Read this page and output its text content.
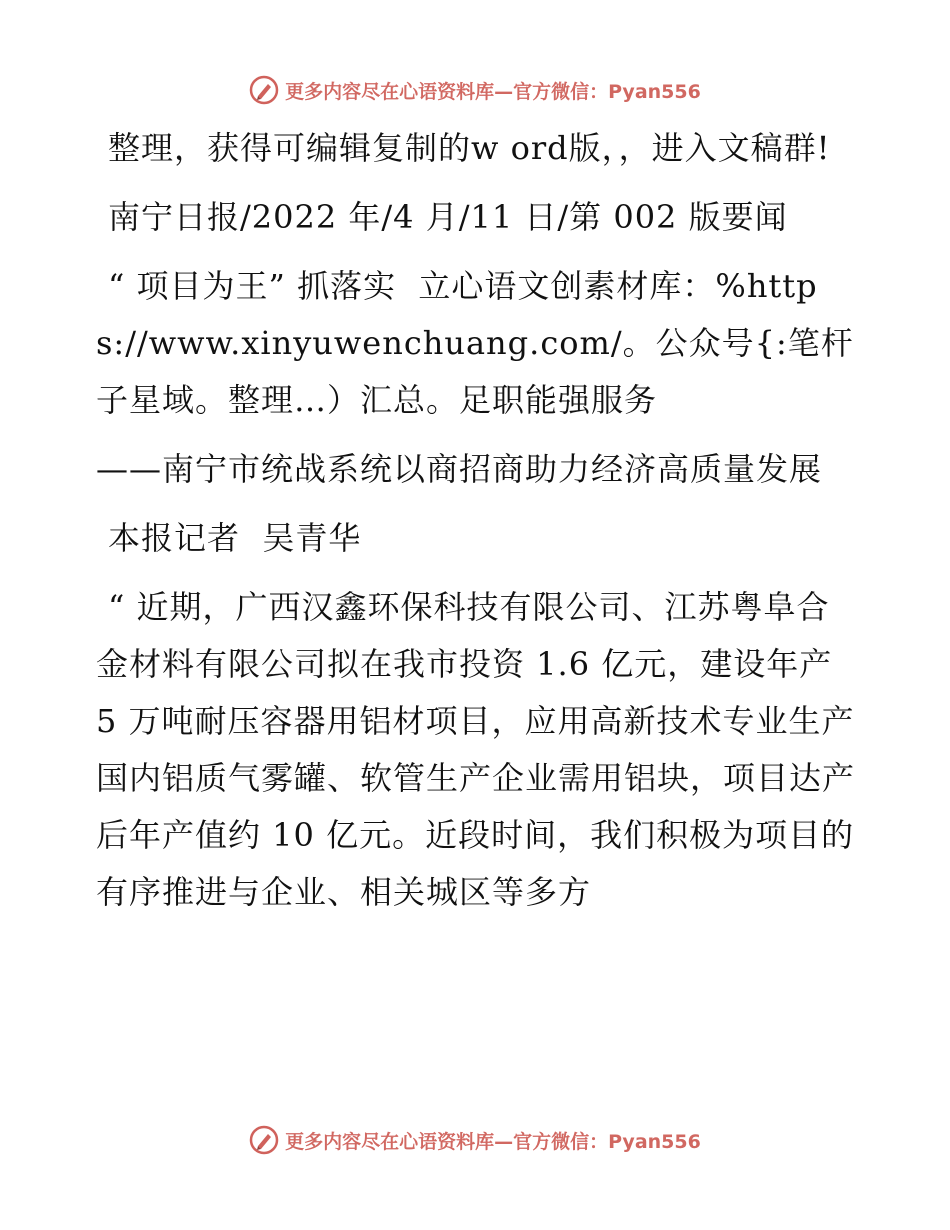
更多内容尽在心语资料库—官方微信：Pyan556

整理，获得可编辑复制的w ord版，，进入文稿群!

南宁日报/2022 年/4 月/11 日/第 002 版要闻

“ 项目为王” 抓落实  立心语文创素材库：%https://www.xinyuwenchuang.com/。公众号{:笔杆子星域。整理…）汇总。足职能强服务

——南宁市统战系统以商招商助力经济高质量发展

本报记者  吴青华

“ 近期，广西汉鑫环保科技有限公司、江苏粤阜合金材料有限公司拟在我市投资 1.6 亿元，建设年产 5 万吨耐压容器用铝材项目，应用高新技术专业生产国内铝质气雾罐、软管生产企业需用铝块，项目达产后年产值约 10 亿元。近段时间，我们积极为项目的有序推进与企业、相关城区等多方

更多内容尽在心语资料库—官方微信：Pyan556
